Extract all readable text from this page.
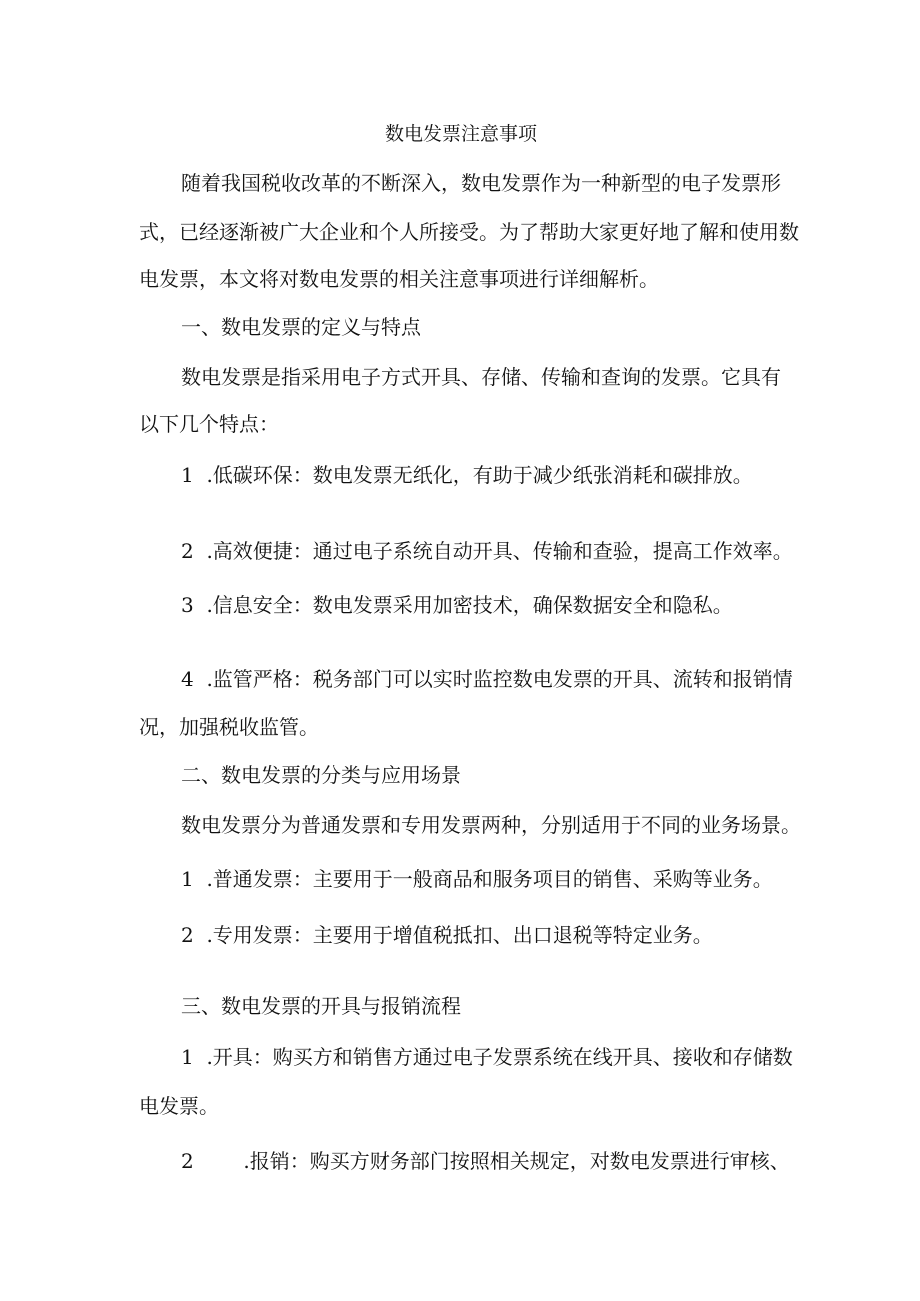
数电发票注意事项
随着我国税收改革的不断深入，数电发票作为一种新型的电子发票形
式，已经逐渐被广大企业和个人所接受。为了帮助大家更好地了解和使用数
电发票，本文将对数电发票的相关注意事项进行详细解析。
一、数电发票的定义与特点
数电发票是指采用电子方式开具、存储、传输和查询的发票。它具有
以下几个特点：
1 .低碳环保：数电发票无纸化，有助于减少纸张消耗和碳排放。
2 .高效便捷：通过电子系统自动开具、传输和查验，提高工作效率。
3 .信息安全：数电发票采用加密技术，确保数据安全和隐私。
4 .监管严格：税务部门可以实时监控数电发票的开具、流转和报销情
况，加强税收监管。
二、数电发票的分类与应用场景
数电发票分为普通发票和专用发票两种，分别适用于不同的业务场景。
1 .普通发票：主要用于一般商品和服务项目的销售、采购等业务。
2 .专用发票：主要用于增值税抵扣、出口退税等特定业务。
三、数电发票的开具与报销流程
1 .开具：购买方和销售方通过电子发票系统在线开具、接收和存储数
电发票。
2 .报销：购买方财务部门按照相关规定，对数电发票进行审核、
